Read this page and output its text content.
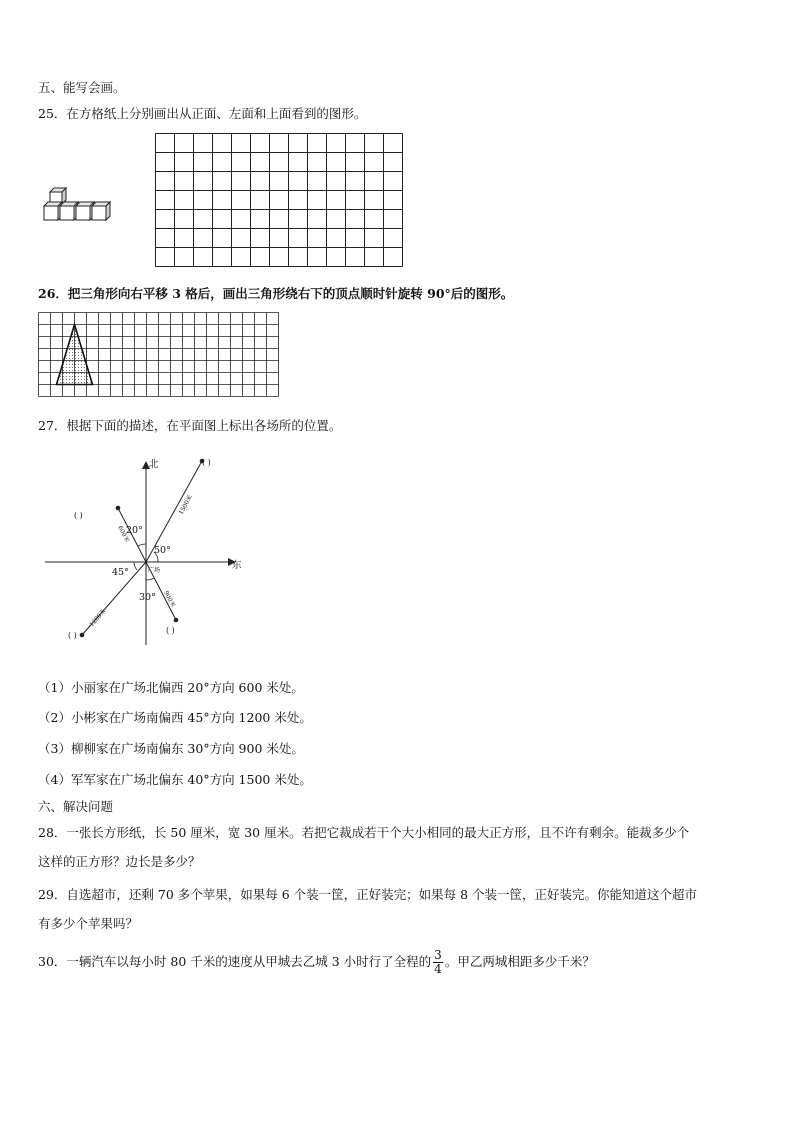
五、能写会画。
25．在方格纸上分别画出从正面、左面和上面看到的图形。
26．把三角形向右平移 3 格后，画出三角形绕右下的顶点顺时针旋转 90°后的图形。
27．根据下面的描述，在平面图上标出各场所的位置。
北
东
20°
50°
45°
30°
广场
600米
1500米
1200米
900米
( )
( )
( )
( )
（1）小丽家在广场北偏西 20°方向 600 米处。
（2）小彬家在广场南偏西 45°方向 1200 米处。
（3）柳柳家在广场南偏东 30°方向 900 米处。
（4）军军家在广场北偏东 40°方向 1500 米处。
六、解决问题
28．一张长方形纸，长 50 厘米，宽 30 厘米。若把它裁成若干个大小相同的最大正方形，且不许有剩余。能裁多少个
这样的正方形？边长是多少？
29．自选超市，还剩 70 多个苹果，如果每 6 个装一筐，正好装完；如果每 8 个装一筐，正好装完。你能知道这个超市
有多少个苹果吗？
30．一辆汽车以每小时 80 千米的速度从甲城去乙城 3 小时行了全程的 $\frac{3}{4}$ 。甲乙两城相距多少千米？
